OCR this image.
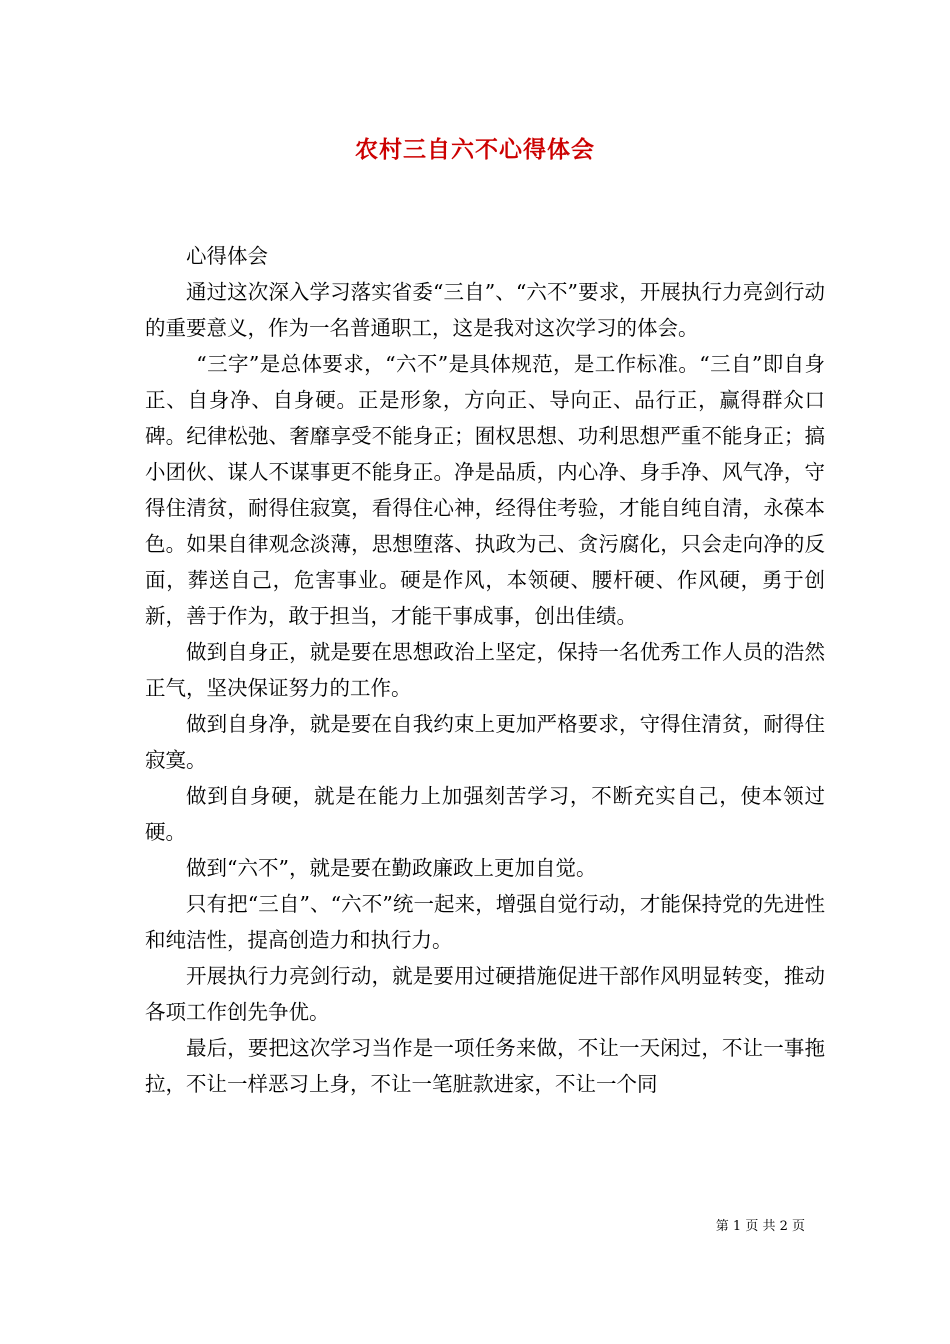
农村三自六不心得体会

心得体会

通过这次深入学习落实省委“三自”、“六不”要求，开展执行力亮剑行动的重要意义，作为一名普通职工，这是我对这次学习的体会。

“三字”是总体要求，“六不”是具体规范，是工作标准。“三自”即自身正、自身净、自身硬。正是形象，方向正、导向正、品行正，赢得群众口碑。纪律松弛、奢靡享受不能身正；囿权思想、功利思想严重不能身正；搞小团伙、谋人不谋事更不能身正。净是品质，内心净、身手净、风气净，守得住清贫，耐得住寂寞，看得住心神，经得住考验，才能自纯自清，永葆本色。如果自律观念淡薄，思想堕落、执政为己、贪污腐化，只会走向净的反面，葬送自己，危害事业。硬是作风，本领硬、腰杆硬、作风硬，勇于创新，善于作为，敢于担当，才能干事成事，创出佳绩。

做到自身正，就是要在思想政治上坚定，保持一名优秀工作人员的浩然正气，坚决保证努力的工作。

做到自身净，就是要在自我约束上更加严格要求，守得住清贫，耐得住寂寞。

做到自身硬，就是在能力上加强刻苦学习，不断充实自己，使本领过硬。

做到“六不”，就是要在勤政廉政上更加自觉。

只有把“三自”、“六不”统一起来，增强自觉行动，才能保持党的先进性和纯洁性，提高创造力和执行力。

开展执行力亮剑行动，就是要用过硬措施促进干部作风明显转变，推动各项工作创先争优。

最后，要把这次学习当作是一项任务来做，不让一天闲过，不让一事拖拉，不让一样恶习上身，不让一笔脏款进家，不让一个同

第 1 页 共 2 页
